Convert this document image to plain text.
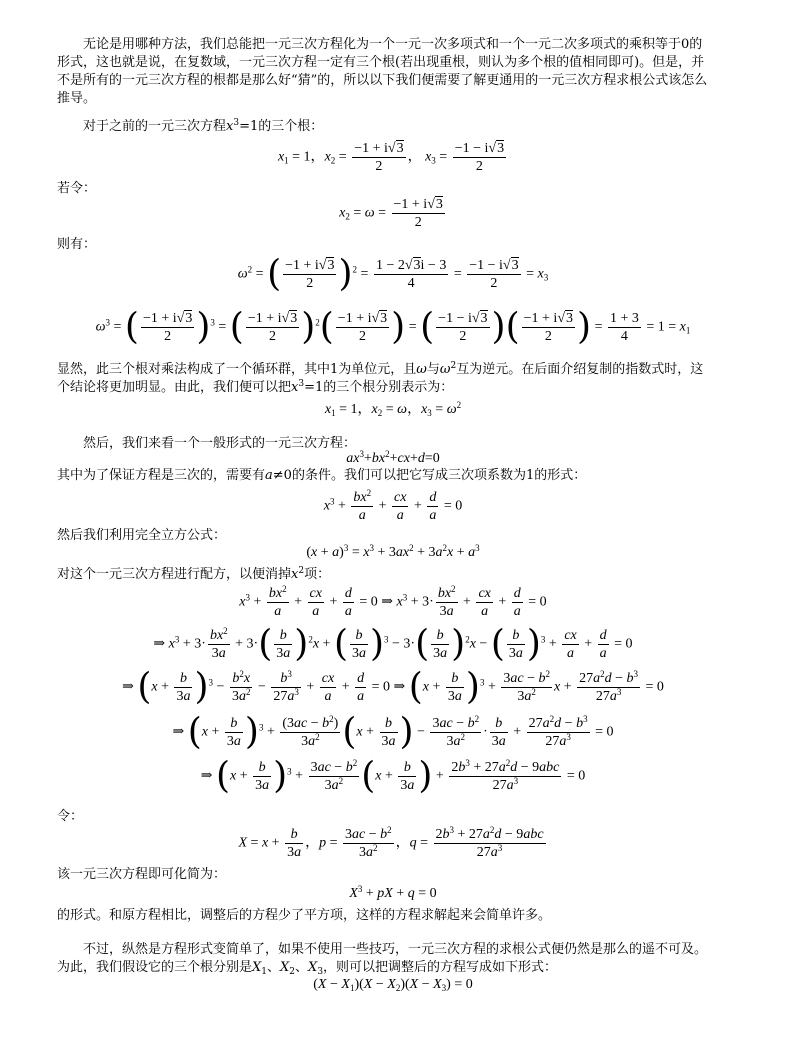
无论是用哪种方法，我们总能把一元三次方程化为一个一元一次多项式和一个一元二次多项式的乘积等于0的形式，这也就是说，在复数域，一元三次方程一定有三个根(若出现重根，则认为多个根的值相同即可)。但是，并不是所有的一元三次方程的根都是那么好“猜”的，所以以下我们便需要了解更通用的一元三次方程求根公式该怎么推导。
对于之前的一元三次方程$x^3=1$的三个根：
$x_1 = 1$，$x_2 = \frac{-1 + i√3}{2}$ ， $x_3 = \frac{-1 - i√3}{2}$
若令：
$x_2 = \omega = \frac{-1 + i√3}{2}$
则有：
$\omega^2$ = ( $\frac{-1 + i√3}{2} )^2 = \frac{1 - 2√3i - 3}{4} = \frac{-1 - i√3}{2} = x_3$
$\omega^3$ = ( $\frac{-1 + i√3}{2} )^3$ = ( $\frac{-1 + i√3}{2} )^2( \frac{-1 + i√3}{2}$ ) = ( $\frac{-1 - i√3}{2}$ )( $\frac{-1 + i√3}{2}$ ) = $\frac{1 + 3}{4} = 1 = x_1$
显然，此三个根对乘法构成了一个循环群，其中1为单位元，且ω与$\omega^2$互为逆元。在后面介绍复制的指数式时，这个结论将更加明显。由此，我们便可以把$x^3=1$的三个根分别表示为：
$x_1 = 1$，$x_2 = \omega$，$x_3 = \omega^2$
然后，我们来看一个一般形式的一元三次方程：
$ax^3+bx^2+cx+d=0$
其中为了保证方程是三次的，需要有a≠0的条件。我们可以把它写成三次项系数为1的形式：
$x^3 + \frac{bx^2}{a} + \frac{cx}{a} + \frac{d}{a} = 0$
然后我们利用完全立方公式：
$(x + a)^3 = x^3 + 3ax^2 + 3a^2x + a^3$
对这个一元三次方程进行配方，以便消掉$x^2$项：
$x^3 + \frac{bx^2}{a} + \frac{cx}{a} + \frac{d}{a} = 0$ ⇒ $x^3 + 3\cdot \frac{bx^2}{3a} + \frac{cx}{a} + \frac{d}{a} = 0$
⇒ $x^3 + 3\cdot \frac{bx^2}{3a} + 3\cdot( \frac{b}{3a} )^2x$ + ( $\frac{b}{3a} )^3 - 3\cdot( \frac{b}{3a} )^2x$ − ( $\frac{b}{3a} )^3 + \frac{cx}{a} + \frac{d}{a} = 0$
⇒ $(x + \frac{b}{3a} )^3 - \frac{b^2x}{3a^2} - \frac{b^3}{27a^3} + \frac{cx}{a} + \frac{d}{a} = 0$ ⇒ $(x + \frac{b}{3a} )^3 + \frac{3ac - b^2}{3a^2}$ $x + \frac{27a^2d - b^3}{27a^3} = 0$
⇒ $(x + \frac{b}{3a} )^3 + \frac{(3ac - b^2)}{3a^2} (x + \frac{b}{3a}$ ) − $\frac{3ac - b^2}{3a^2} \cdot \frac{b}{3a} + \frac{27a^2d - b^3}{27a^3} = 0$
⇒ $(x + \frac{b}{3a} )^3 + \frac{3ac - b^2}{3a^2} (x + \frac{b}{3a}$ ) +
$2b^3 + 27a^2d - 9abc$
$27a^3$	= 0
令：
$X = x + \frac{b}{3a}$ ，$p = \frac{3ac - b^2}{3a^2}$ ，q =
$2b^3 + 27a^2d - 9abc$
$27a^3$
该一元三次方程即可化简为：
$X^3$ + pX + q = 0
的形式。和原方程相比，调整后的方程少了平方项，这样的方程求解起来会简单许多。
不过，纵然是方程形式变简单了，如果不使用一些技巧，一元三次方程的求根公式便仍然是那么的遥不可及。为此，我们假设它的三个根分别是$X_1$、$X_2$、$X_3$，则可以把调整后的方程写成如下形式：
$(X - X_1)(X - X_2)(X - X_3) = 0$
